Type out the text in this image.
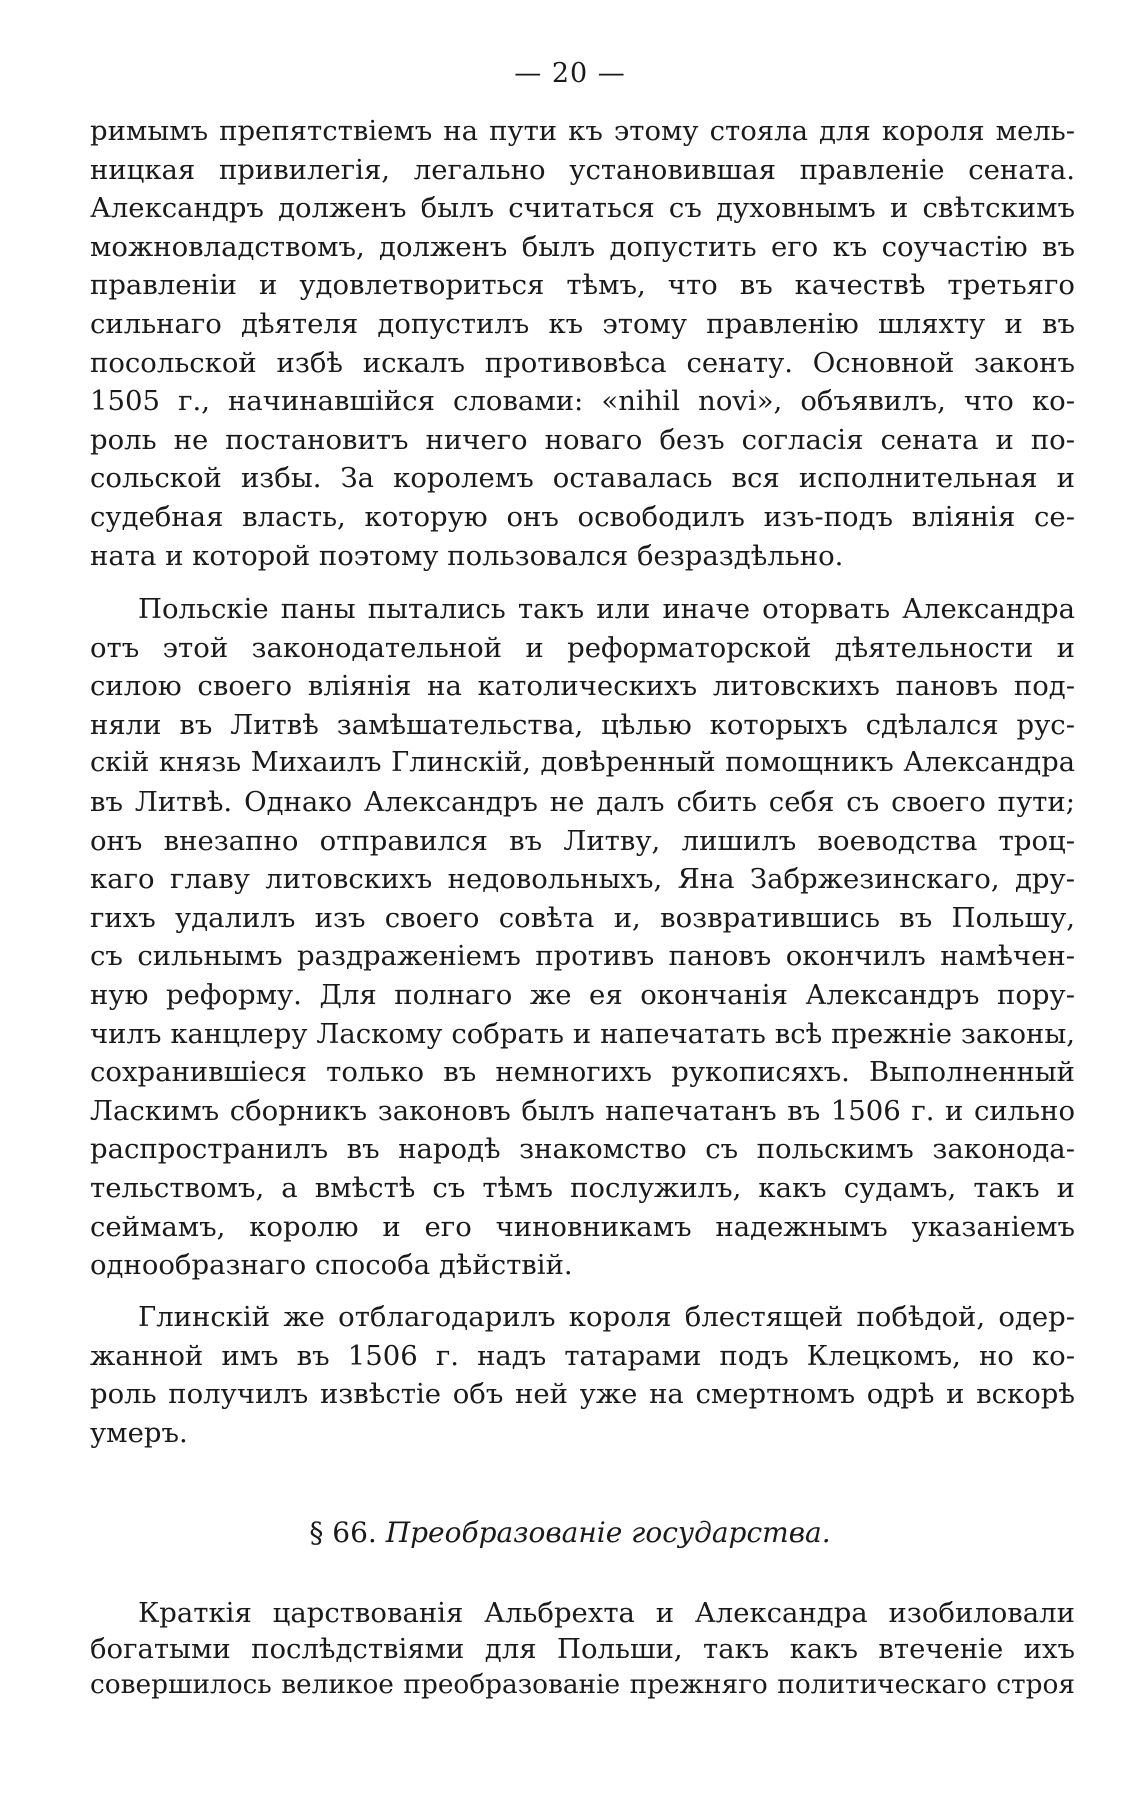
— 20 —
римымъ препятствіемъ на пути къ этому стояла для короля мель-
ницкая привилегія, легально установившая правленіе сената.
Александръ долженъ былъ считаться съ духовнымъ и свѣтскимъ
можновладствомъ, долженъ былъ допустить его къ соучастію въ
правленіи и удовлетвориться тѣмъ, что въ качествѣ третьяго
сильнаго дѣятеля допустилъ къ этому правленію шляхту и въ
посольской избѣ искалъ противовѣса сенату. Основной законъ
1505 г., начинавшійся словами: «nihil novi», объявилъ, что ко-
роль не постановитъ ничего новаго безъ согласія сената и по-
сольской избы. За королемъ оставалась вся исполнительная и
судебная власть, которую онъ освободилъ изъ-подъ вліянія се-
ната и которой поэтому пользовался безраздѣльно.
Польскіе паны пытались такъ или иначе оторвать Александра
отъ этой законодательной и реформаторской дѣятельности и
силою своего вліянія на католическихъ литовскихъ пановъ под-
няли въ Литвѣ замѣшательства, цѣлью которыхъ сдѣлался рус-
скій князь Михаилъ Глинскій, довѣренный помощникъ Александра
въ Литвѣ. Однако Александръ не далъ сбить себя съ своего пути;
онъ внезапно отправился въ Литву, лишилъ воеводства троц-
каго главу литовскихъ недовольныхъ, Яна Забржезинскаго, дру-
гихъ удалилъ изъ своего совѣта и, возвратившись въ Польшу,
съ сильнымъ раздраженіемъ противъ пановъ окончилъ намѣчен-
ную реформу. Для полнаго же ея окончанія Александръ пору-
чилъ канцлеру Ласкому собрать и напечатать всѣ прежніе законы,
сохранившіеся только въ немногихъ рукописяхъ. Выполненный
Ласкимъ сборникъ законовъ былъ напечатанъ въ 1506 г. и сильно
распространилъ въ народѣ знакомство съ польскимъ законода-
тельствомъ, а вмѣстѣ съ тѣмъ послужилъ, какъ судамъ, такъ и
сеймамъ, королю и его чиновникамъ надежнымъ указаніемъ
однообразнаго способа дѣйствій.
Глинскій же отблагодарилъ короля блестящей побѣдой, одер-
жанной имъ въ 1506 г. надъ татарами подъ Клецкомъ, но ко-
роль получилъ извѣстіе объ ней уже на смертномъ одрѣ и вскорѣ
умеръ.
§ 66. Преобразованіе государства.
Краткія царствованія Альбрехта и Александра изобиловали
богатыми послѣдствіями для Польши, такъ какъ втеченіе ихъ
совершилось великое преобразованіе прежняго политическаго строя
